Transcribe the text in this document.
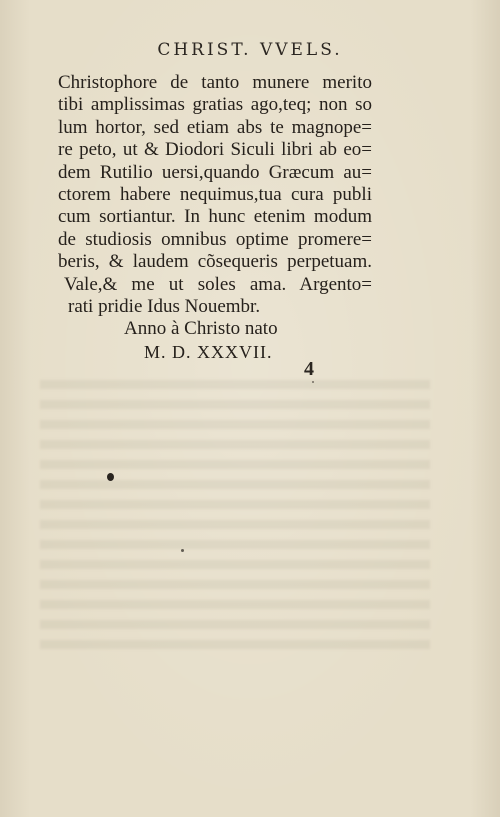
CHRIST. VVELS.
Christophore de tanto munere merito
tibi amplissimas gratias ago,teq; non so
lum hortor, sed etiam abs te magnope=
re peto, ut & Diodori Siculi libri ab eo=
dem Rutilio uersi,quando Græcum au=
ctorem habere nequimus,tua cura publi
cum sortiantur. In hunc etenim modum
de studiosis omnibus optime promere=
beris, & laudem cõsequeris perpetuam.
Vale,& me ut soles ama. Argento=
rati pridie Idus Nouembr.
Anno à Christo nato
M. D. XXXVII.
4
